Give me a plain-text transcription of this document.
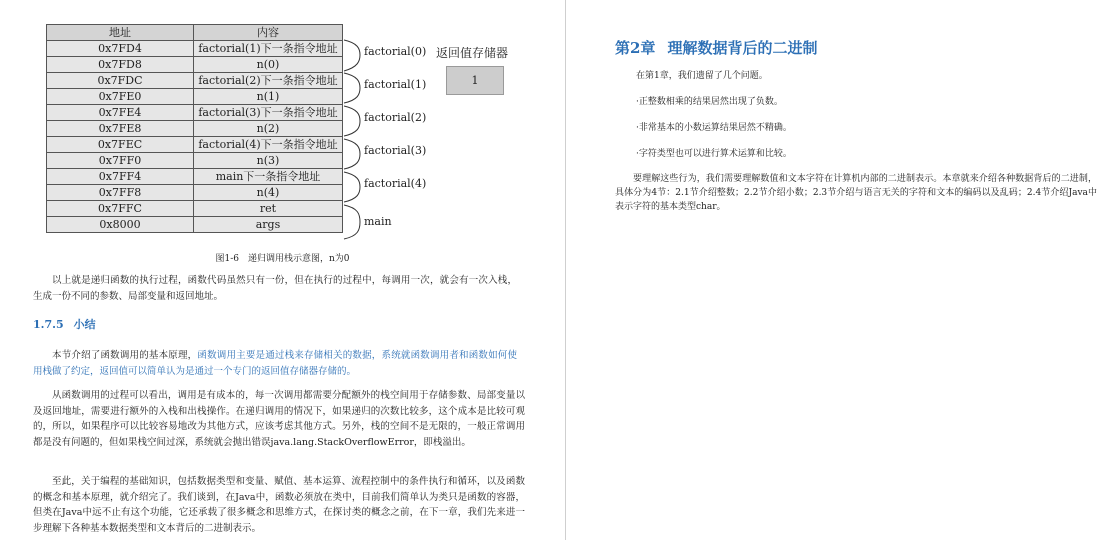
地址	内容
0x7FD4	factorial(1)下一条指令地址
0x7FD8	n(0)
0x7FDC	factorial(2)下一条指令地址
0x7FE0	n(1)
0x7FE4	factorial(3)下一条指令地址
0x7FE8	n(2)
0x7FEC	factorial(4)下一条指令地址
0x7FF0	n(3)
0x7FF4	main下一条指令地址
0x7FF8	n(4)
0x7FFC	ret
0x8000	args
factorial(0)
factorial(1)
factorial(2)
factorial(3)
factorial(4)
main
返回值存储器
1
图1-6　递归调用栈示意图，n为0

以上就是递归函数的执行过程，函数代码虽然只有一份，但在执行的过程中，每调用一次，就会有一次入栈，生成一份不同的参数、局部变量和返回地址。

1.7.5 小结

本节介绍了函数调用的基本原理，函数调用主要是通过栈来存储相关的数据，系统就函数调用者和函数如何使用栈做了约定，返回值可以简单认为是通过一个专门的返回值存储器存储的。

从函数调用的过程可以看出，调用是有成本的，每一次调用都需要分配额外的栈空间用于存储参数、局部变量以及返回地址，需要进行额外的入栈和出栈操作。在递归调用的情况下，如果递归的次数比较多，这个成本是比较可观的，所以，如果程序可以比较容易地改为其他方式，应该考虑其他方式。另外，栈的空间不是无限的，一般正常调用都是没有问题的，但如果栈空间过深，系统就会抛出错误java.lang.StackOverflowError，即栈溢出。

至此，关于编程的基础知识，包括数据类型和变量、赋值、基本运算、流程控制中的条件执行和循环，以及函数的概念和基本原理，就介绍完了。我们谈到，在Java中，函数必须放在类中，目前我们简单认为类只是函数的容器，但类在Java中远不止有这个功能，它还承载了很多概念和思维方式，在探讨类的概念之前，在下一章，我们先来进一步理解下各种基本数据类型和文本背后的二进制表示。

第2章 理解数据背后的二进制

在第1章，我们遗留了几个问题。

·正整数相乘的结果居然出现了负数。

·非常基本的小数运算结果居然不精确。

·字符类型也可以进行算术运算和比较。

要理解这些行为，我们需要理解数值和文本字符在计算机内部的二进制表示。本章就来介绍各种数据背后的二进制，具体分为4节：2.1节介绍整数；2.2节介绍小数；2.3节介绍与语言无关的字符和文本的编码以及乱码；2.4节介绍Java中表示字符的基本类型char。
